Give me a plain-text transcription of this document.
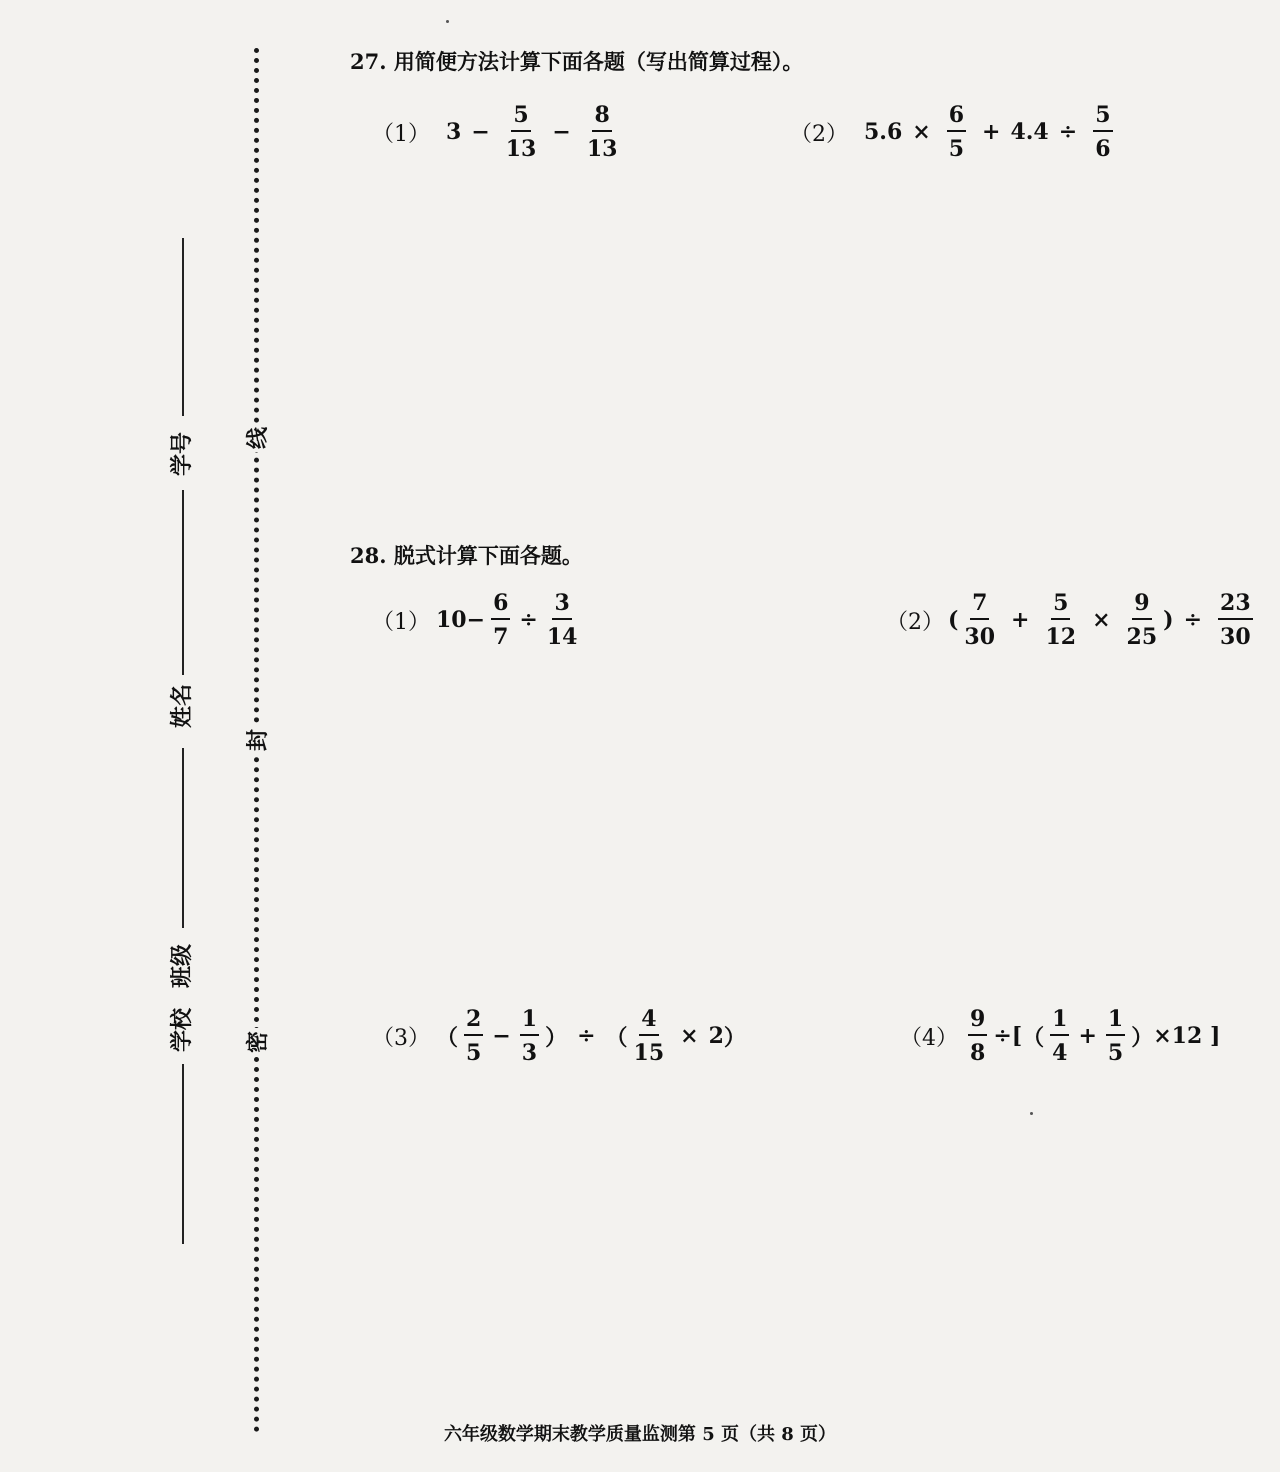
线
封
密
学号
姓名
班级
学校
27. 用简便方法计算下面各题（写出简算过程）。
（1） $3 - \frac{5}{13} - \frac{8}{13}$	（2） $5.6 \times \frac{6}{5} + 4.4 \div \frac{5}{6}$
28. 脱式计算下面各题。
（1） $10- \frac{6}{7} \div \frac{3}{14}$	（2） ( $\frac{7}{30} + \frac{5}{12} \times \frac{9}{25}$ ) ÷ $\frac{23}{30}$
（3） （ $\frac{2}{5} - \frac{1}{3}$ ） ÷ （ $\frac{4}{15} \times 2$ ）	$(4) \frac{9}{8}$ ÷[ （ $\frac{1}{4} + \frac{1}{5}$ ） ×12 ]
六年级数学期末教学质量监测第 5 页（共 8 页）
